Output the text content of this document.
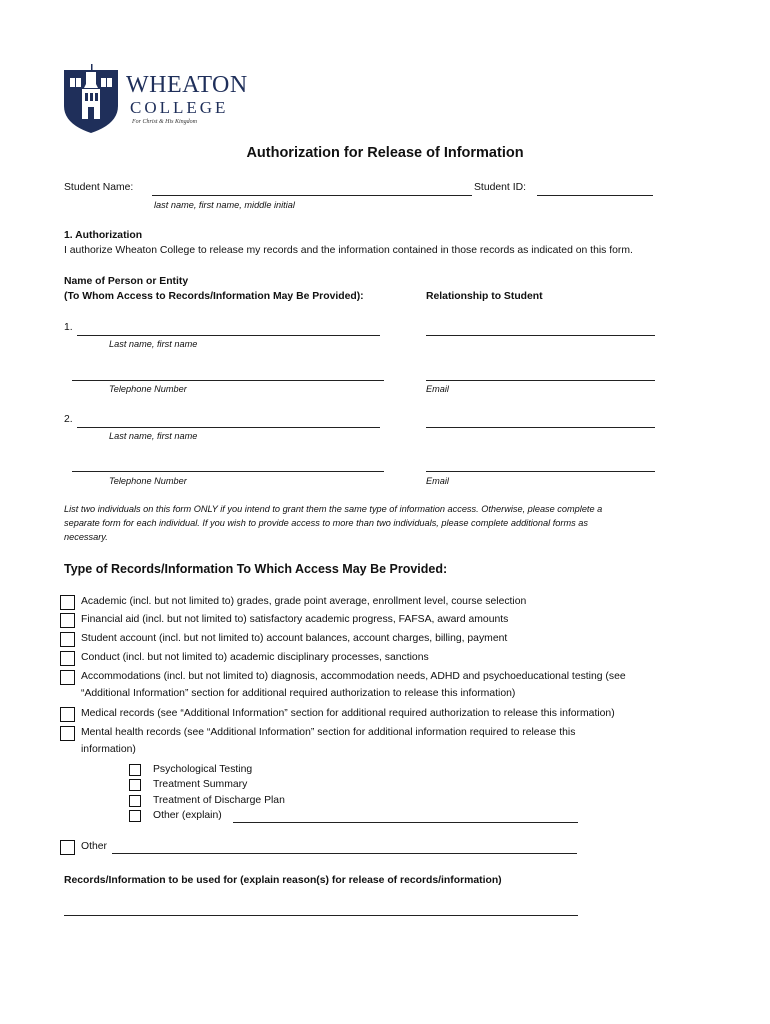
WHEATON
COLLEGE
For Christ & His Kingdom
Authorization for Release of Information
Student Name:	Student ID:
last name, first name, middle initial
1. Authorization
I authorize Wheaton College to release my records and the information contained in those records as indicated on this form.
Name of Person or Entity
(To Whom Access to Records/Information May Be Provided):	Relationship to Student
1.
Last name, first name
Telephone Number	Email
2.
Last name, first name
Telephone Number	Email
List two individuals on this form ONLY if you intend to grant them the same type of information access. Otherwise, please complete a
separate form for each individual. If you wish to provide access to more than two individuals, please complete additional forms as
necessary.
Type of Records/Information To Which Access May Be Provided:
Academic (incl. but not limited to) grades, grade point average, enrollment level, course selection
Financial aid (incl. but not limited to) satisfactory academic progress, FAFSA, award amounts
Student account (incl. but not limited to) account balances, account charges, billing, payment
Conduct (incl. but not limited to) academic disciplinary processes, sanctions
Accommodations (incl. but not limited to) diagnosis, accommodation needs, ADHD and psychoeducational testing (see
“Additional Information” section for additional required authorization to release this information)
Medical records (see “Additional Information” section for additional required authorization to release this information)
Mental health records (see “Additional Information” section for additional information required to release this
information)
Psychological Testing
Treatment Summary
Treatment of Discharge Plan
Other (explain)
Other
Records/Information to be used for (explain reason(s) for release of records/information)
